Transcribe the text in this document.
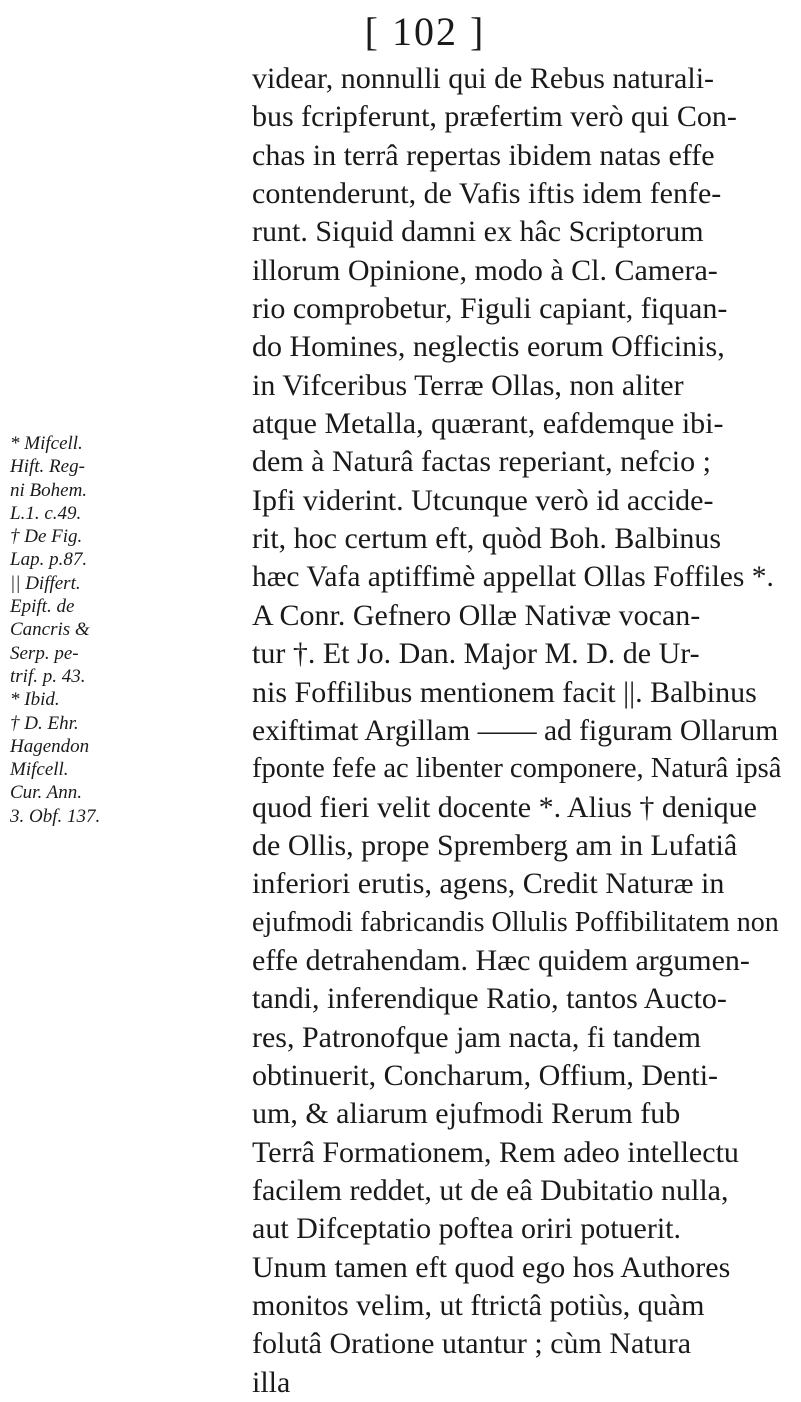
[ 102 ]
videar, nonnulli qui de Rebus naturali-
bus fcripferunt, præfertim verò qui Con-
chas in terrâ repertas ibidem natas effe
contenderunt, de Vafis iftis idem fenfe-
runt. Siquid damni ex hâc Scriptorum
illorum Opinione, modo à Cl. Camera-
rio comprobetur, Figuli capiant, fiquan-
do Homines, neglectis eorum Officinis,
in Vifceribus Terræ Ollas, non aliter
atque Metalla, quærant, eafdemque ibi-
dem à Naturâ factas reperiant, nefcio ;
Ipfi viderint. Utcunque verò id accide-
rit, hoc certum eft, quòd Boh. Balbinus
hæc Vafa aptiffimè appellat Ollas Foffiles *.
A Conr. Gefnero Ollæ Nativæ vocan-
tur †. Et Jo. Dan. Major M. D. de Ur-
nis Foffilibus mentionem facit ||. Balbinus
exiftimat Argillam —— ad figuram Ollarum
fponte fefe ac libenter componere, Naturâ ipsâ
quod fieri velit docente *. Alius † denique
de Ollis, prope Spremberg am in Lufatiâ
inferiori erutis, agens, Credit Naturæ in
ejufmodi fabricandis Ollulis Poffibilitatem non
effe detrahendam. Hæc quidem argumen-
tandi, inferendique Ratio, tantos Aucto-
res, Patronofque jam nacta, fi tandem
obtinuerit, Concharum, Offium, Denti-
um, & aliarum ejufmodi Rerum fub
Terrâ Formationem, Rem adeo intellectu
facilem reddet, ut de eâ Dubitatio nulla,
aut Difceptatio poftea oriri potuerit.
Unum tamen eft quod ego hos Authores
monitos velim, ut ftrictâ potiùs, quàm
folutâ Oratione utantur ; cùm Natura
illa
* Mifcell.
Hift. Reg-
ni Bohem.
L.1. c.49.
† De Fig.
Lap. p.87.
|| Differt.
Epift. de
Cancris &
Serp. pe-
trif. p. 43.
* Ibid.
† D. Ehr.
Hagendon
Mifcell.
Cur. Ann.
3. Obf. 137.
